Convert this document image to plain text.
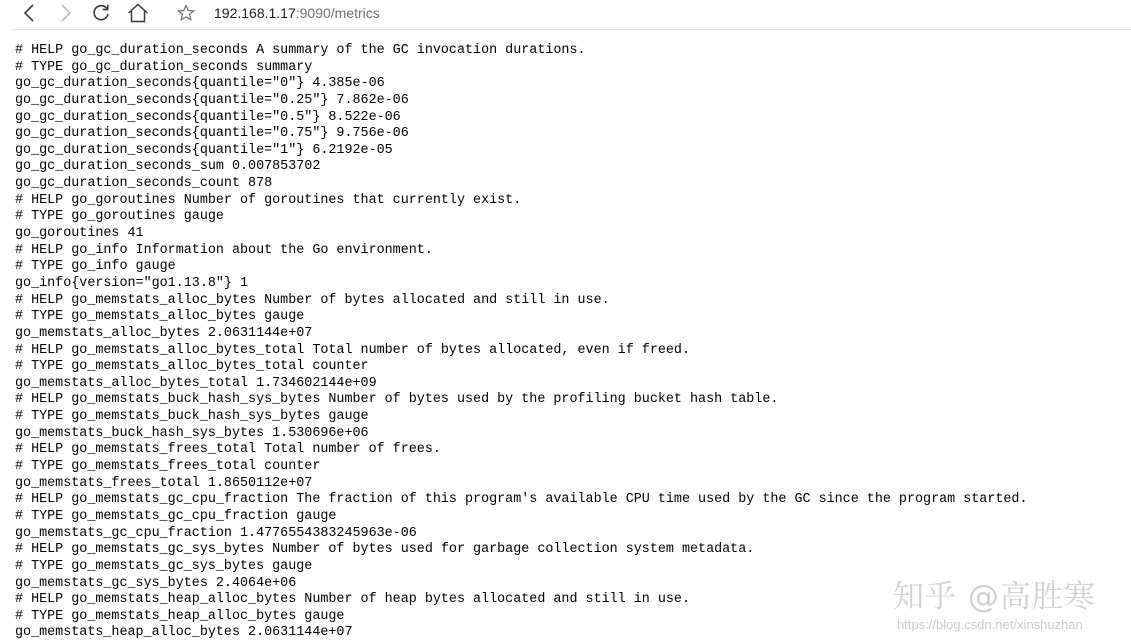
192.168.1.17:9090/metrics
# HELP go_gc_duration_seconds A summary of the GC invocation durations.
# TYPE go_gc_duration_seconds summary
go_gc_duration_seconds{quantile="0"} 4.385e-06
go_gc_duration_seconds{quantile="0.25"} 7.862e-06
go_gc_duration_seconds{quantile="0.5"} 8.522e-06
go_gc_duration_seconds{quantile="0.75"} 9.756e-06
go_gc_duration_seconds{quantile="1"} 6.2192e-05
go_gc_duration_seconds_sum 0.007853702
go_gc_duration_seconds_count 878
# HELP go_goroutines Number of goroutines that currently exist.
# TYPE go_goroutines gauge
go_goroutines 41
# HELP go_info Information about the Go environment.
# TYPE go_info gauge
go_info{version="go1.13.8"} 1
# HELP go_memstats_alloc_bytes Number of bytes allocated and still in use.
# TYPE go_memstats_alloc_bytes gauge
go_memstats_alloc_bytes 2.0631144e+07
# HELP go_memstats_alloc_bytes_total Total number of bytes allocated, even if freed.
# TYPE go_memstats_alloc_bytes_total counter
go_memstats_alloc_bytes_total 1.734602144e+09
# HELP go_memstats_buck_hash_sys_bytes Number of bytes used by the profiling bucket hash table.
# TYPE go_memstats_buck_hash_sys_bytes gauge
go_memstats_buck_hash_sys_bytes 1.530696e+06
# HELP go_memstats_frees_total Total number of frees.
# TYPE go_memstats_frees_total counter
go_memstats_frees_total 1.8650112e+07
# HELP go_memstats_gc_cpu_fraction The fraction of this program's available CPU time used by the GC since the program started.
# TYPE go_memstats_gc_cpu_fraction gauge
go_memstats_gc_cpu_fraction 1.4776554383245963e-06
# HELP go_memstats_gc_sys_bytes Number of bytes used for garbage collection system metadata.
# TYPE go_memstats_gc_sys_bytes gauge
go_memstats_gc_sys_bytes 2.4064e+06
# HELP go_memstats_heap_alloc_bytes Number of heap bytes allocated and still in use.
# TYPE go_memstats_heap_alloc_bytes gauge
go_memstats_heap_alloc_bytes 2.0631144e+07
知乎 @高胜寒
https://blog.csdn.net/xinshuzhan
